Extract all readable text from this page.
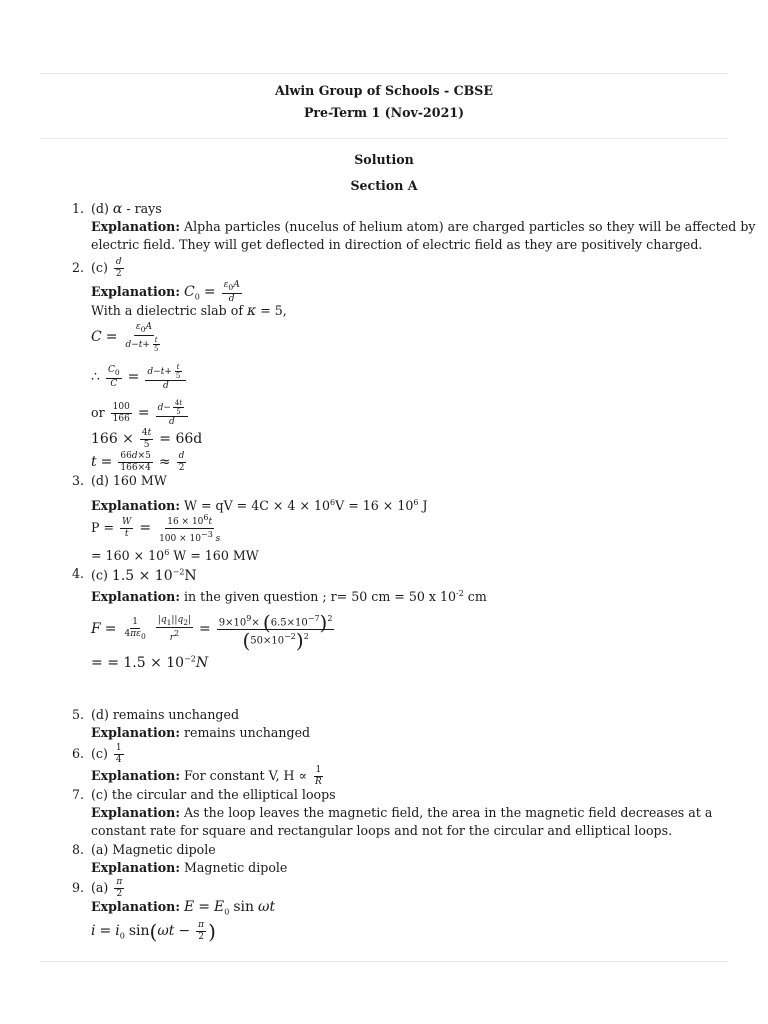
Alwin Group of Schools - CBSE
Pre-Term 1 (Nov-2021)
Solution
Section A
1. (d) α - rays
Explanation: Alpha particles (nucelus of helium atom) are charged particles so they will be affected by
electric field. They will get deflected in direction of electric field as they are positively charged.
2. $(c) \frac{d}{2}$
Explanation: $C_0 = \frac{\varepsilon_0A}{d}$
With a dielectric slab of κ = 5,
$C = \frac{\varepsilon_0A}{d-t+ \frac{t}{5}}$
∴ $\frac{C_0}{C} = \frac{d-t+ \frac{t}{5}}{d}$
or $\frac{100}{166} = \frac{d- \frac{4t}{5}}{d}$
$166 \times \frac{4t}{5} = 66d$
$t = \frac{66d\times 5}{166\times 4} \approx \frac{d}{2}$
3. (d) 160 MW
Explanation: W = qV = $4C \times 4 \times 10^6V = 16 \times 10^6$ J
$P = \frac{W}{t} = \frac{16 \times 10^6t}{100 \times 10^{-3} s}$
= $160 \times 10^6$ W = 160 MW
4. (c) $1.5 \times 10^{-2}N$
Explanation: in the given question ; r= 50 cm = 50 x $10^{-2}$ cm
$F = \frac{1}{4\pi\varepsilon_0}$
$\frac{|q_1||q_2|}{r^2} = \frac{9\times 10^9\times (6.5\times 10^{-7})^2}{(50\times 10^{-2})^2}$
= = $1.5 \times 10^{-2}N$
5. (d) remains unchanged
Explanation: remains unchanged
6. $(c) \frac{1}{4}$
Explanation: For constant V, $H \propto \frac{1}{R}$
7. (c) the circular and the elliptical loops
Explanation: As the loop leaves the magnetic field, the area in the magnetic field decreases at a
constant rate for square and rectangular loops and not for the circular and elliptical loops.
8. (a) Magnetic dipole
Explanation: Magnetic dipole
9. $(a) \frac{\pi}{2}$
Explanation: $E = E_0$ sin ωt
$i = i_0$ $\sin(\omega t - \frac{\pi}{2}$ )
